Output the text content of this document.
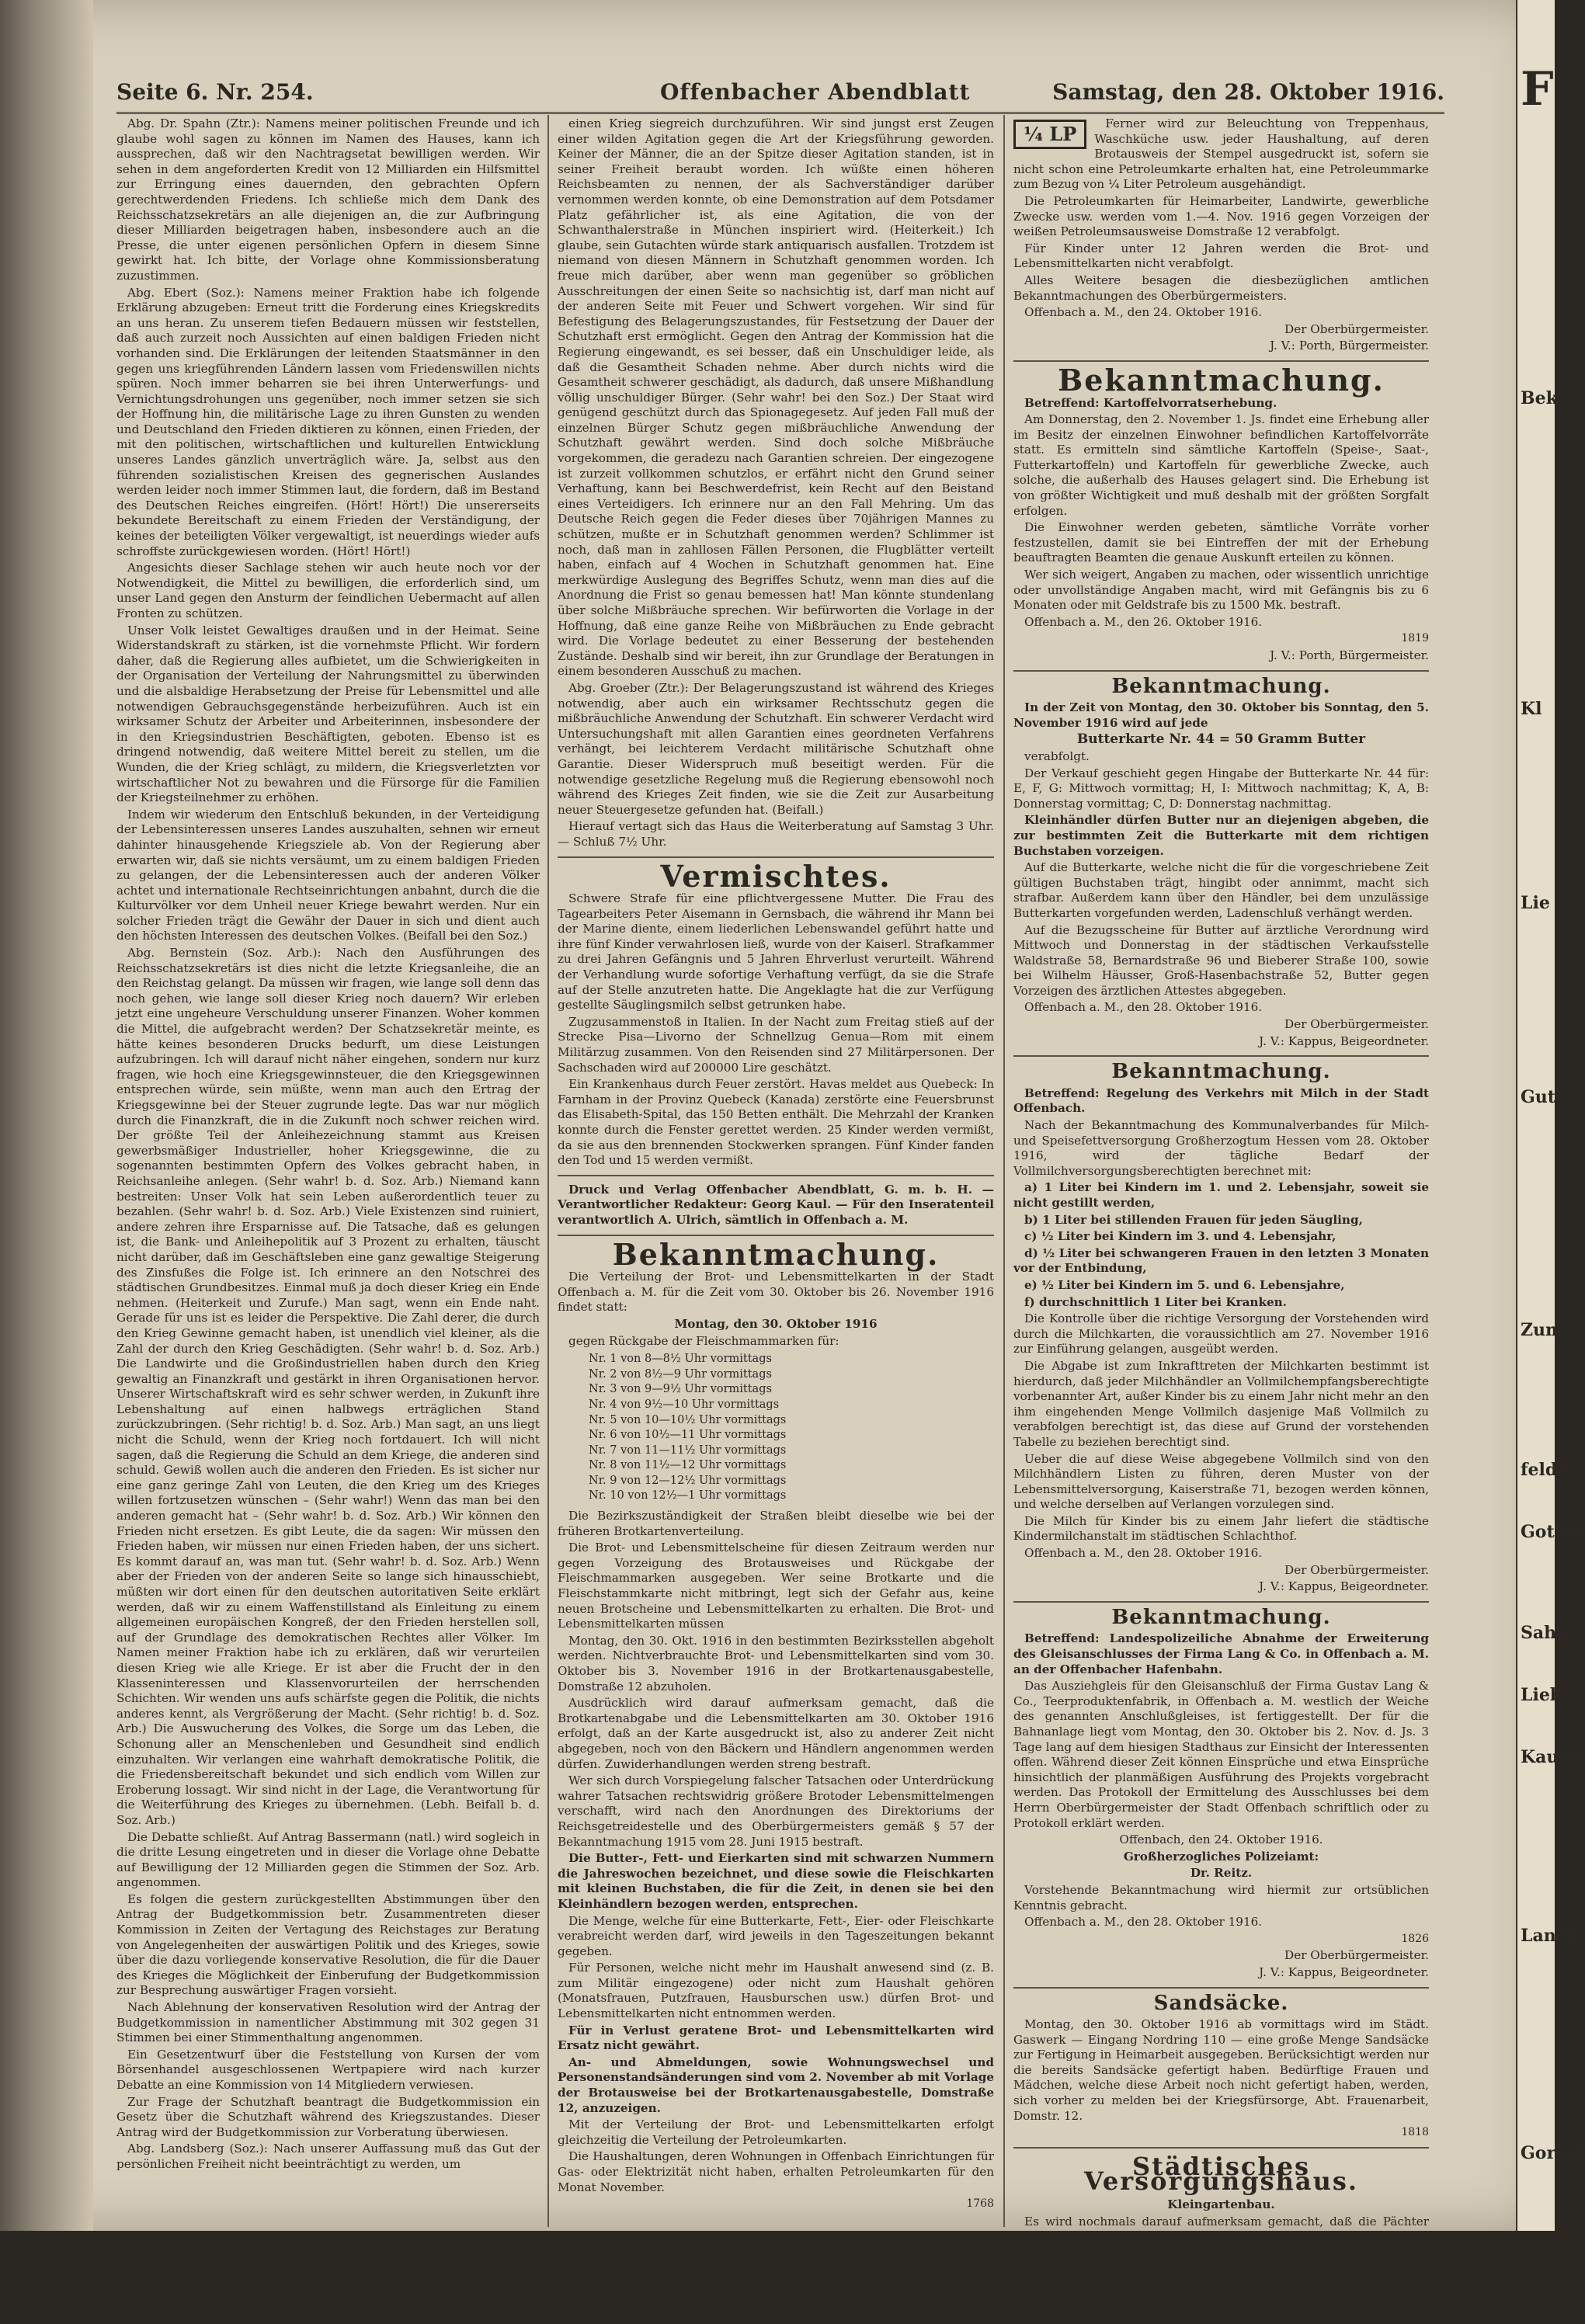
Seite 6. Nr. 254.	Offenbacher Abendblatt	Samstag, den 28. Oktober 1916.

Abg. Dr. Spahn (Ztr.): Namens meiner politischen Freunde und ich glaube wohl sagen zu können im Namen des Hauses, kann ich aussprechen, daß wir den Nachtragsetat bewilligen werden. Wir sehen in dem angeforderten Kredit von 12 Milliarden ein Hilfsmittel zur Erringung eines dauernden, den gebrachten Opfern gerechtwerdenden Friedens. Ich schließe mich dem Dank des Reichsschatzsekretärs an alle diejenigen an, die zur Aufbringung dieser Milliarden beigetragen haben, insbesondere auch an die Presse, die unter eigenen persönlichen Opfern in diesem Sinne gewirkt hat. Ich bitte, der Vorlage ohne Kommissionsberatung zuzustimmen.

Abg. Ebert (Soz.): Namens meiner Fraktion habe ich folgende Erklärung abzugeben: Erneut tritt die Forderung eines Kriegskredits an uns heran. Zu unserem tiefen Bedauern müssen wir feststellen, daß auch zurzeit noch Aussichten auf einen baldigen Frieden nicht vorhanden sind. Die Erklärungen der leitenden Staatsmänner in den gegen uns kriegführenden Ländern lassen vom Friedenswillen nichts spüren. Noch immer beharren sie bei ihren Unterwerfungs- und Vernichtungsdrohungen uns gegenüber, noch immer setzen sie sich der Hoffnung hin, die militärische Lage zu ihren Gunsten zu wenden und Deutschland den Frieden diktieren zu können, einen Frieden, der mit den politischen, wirtschaftlichen und kulturellen Entwicklung unseres Landes gänzlich unverträglich wäre. Ja, selbst aus den führenden sozialistischen Kreisen des gegnerischen Auslandes werden leider noch immer Stimmen laut, die fordern, daß im Bestand des Deutschen Reiches eingreifen. (Hört! Hört!) Die unsererseits bekundete Bereitschaft zu einem Frieden der Verständigung, der keines der beteiligten Völker vergewaltigt, ist neuerdings wieder aufs schroffste zurückgewiesen worden. (Hört! Hört!)

Angesichts dieser Sachlage stehen wir auch heute noch vor der Notwendigkeit, die Mittel zu bewilligen, die erforderlich sind, um unser Land gegen den Ansturm der feindlichen Uebermacht auf allen Fronten zu schützen.

Unser Volk leistet Gewaltiges draußen und in der Heimat. Seine Widerstandskraft zu stärken, ist die vornehmste Pflicht. Wir fordern daher, daß die Regierung alles aufbietet, um die Schwierigkeiten in der Organisation der Verteilung der Nahrungsmittel zu überwinden und die alsbaldige Herabsetzung der Preise für Lebensmittel und alle notwendigen Gebrauchsgegenstände herbeizuführen. Auch ist ein wirksamer Schutz der Arbeiter und Arbeiterinnen, insbesondere der in den Kriegsindustrien Beschäftigten, geboten. Ebenso ist es dringend notwendig, daß weitere Mittel bereit zu stellen, um die Wunden, die der Krieg schlägt, zu mildern, die Kriegsverletzten vor wirtschaftlicher Not zu bewahren und die Fürsorge für die Familien der Kriegsteilnehmer zu erhöhen.

Indem wir wiederum den Entschluß bekunden, in der Verteidigung der Lebensinteressen unseres Landes auszuhalten, sehnen wir erneut dahinter hinausgehende Kriegsziele ab. Von der Regierung aber erwarten wir, daß sie nichts versäumt, um zu einem baldigen Frieden zu gelangen, der die Lebensinteressen auch der anderen Völker achtet und internationale Rechtseinrichtungen anbahnt, durch die die Kulturvölker vor dem Unheil neuer Kriege bewahrt werden. Nur ein solcher Frieden trägt die Gewähr der Dauer in sich und dient auch den höchsten Interessen des deutschen Volkes. (Beifall bei den Soz.)

Abg. Bernstein (Soz. Arb.): Nach den Ausführungen des Reichsschatzsekretärs ist dies nicht die letzte Kriegsanleihe, die an den Reichstag gelangt. Da müssen wir fragen, wie lange soll denn das noch gehen, wie lange soll dieser Krieg noch dauern? Wir erleben jetzt eine ungeheure Verschuldung unserer Finanzen. Woher kommen die Mittel, die aufgebracht werden? Der Schatzsekretär meinte, es hätte keines besonderen Drucks bedurft, um diese Leistungen aufzubringen. Ich will darauf nicht näher eingehen, sondern nur kurz fragen, wie hoch eine Kriegsgewinnsteuer, die den Kriegsgewinnen entsprechen würde, sein müßte, wenn man auch den Ertrag der Kriegsgewinne bei der Steuer zugrunde legte. Das war nur möglich durch die Finanzkraft, die in die Zukunft noch schwer reichen wird. Der größte Teil der Anleihezeichnung stammt aus Kreisen gewerbsmäßiger Industrieller, hoher Kriegsgewinne, die zu sogenannten bestimmten Opfern des Volkes gebracht haben, in Reichsanleihe anlegen. (Sehr wahr! b. d. Soz. Arb.) Niemand kann bestreiten: Unser Volk hat sein Leben außerordentlich teuer zu bezahlen. (Sehr wahr! b. d. Soz. Arb.) Viele Existenzen sind ruiniert, andere zehren ihre Ersparnisse auf. Die Tatsache, daß es gelungen ist, die Bank- und Anleihepolitik auf 3 Prozent zu erhalten, täuscht nicht darüber, daß im Geschäftsleben eine ganz gewaltige Steigerung des Zinsfußes die Folge ist. Ich erinnere an den Notschrei des städtischen Grundbesitzes. Einmal muß ja doch dieser Krieg ein Ende nehmen. (Heiterkeit und Zurufe.) Man sagt, wenn ein Ende naht. Gerade für uns ist es leider die Perspektive. Die Zahl derer, die durch den Krieg Gewinne gemacht haben, ist unendlich viel kleiner, als die Zahl der durch den Krieg Geschädigten. (Sehr wahr! b. d. Soz. Arb.) Die Landwirte und die Großindustriellen haben durch den Krieg gewaltig an Finanzkraft und gestärkt in ihren Organisationen hervor. Unserer Wirtschaftskraft wird es sehr schwer werden, in Zukunft ihre Lebenshaltung auf einen halbwegs erträglichen Stand zurückzubringen. (Sehr richtig! b. d. Soz. Arb.) Man sagt, an uns liegt nicht die Schuld, wenn der Krieg noch fortdauert. Ich will nicht sagen, daß die Regierung die Schuld an dem Kriege, die anderen sind schuld. Gewiß wollen auch die anderen den Frieden. Es ist sicher nur eine ganz geringe Zahl von Leuten, die den Krieg um des Krieges willen fortzusetzen wünschen – (Sehr wahr!) Wenn das man bei den anderen gemacht hat – (Sehr wahr! b. d. Soz. Arb.) Wir können den Frieden nicht ersetzen. Es gibt Leute, die da sagen: Wir müssen den Frieden haben, wir müssen nur einen Frieden haben, der uns sichert. Es kommt darauf an, was man tut. (Sehr wahr! b. d. Soz. Arb.) Wenn aber der Frieden von der anderen Seite so lange sich hinausschiebt, müßten wir dort einen für den deutschen autoritativen Seite erklärt werden, daß wir zu einem Waffenstillstand als Einleitung zu einem allgemeinen europäischen Kongreß, der den Frieden herstellen soll, auf der Grundlage des demokratischen Rechtes aller Völker. Im Namen meiner Fraktion habe ich zu erklären, daß wir verurteilen diesen Krieg wie alle Kriege. Er ist aber die Frucht der in den Klasseninteressen und Klassenvorurteilen der herrschenden Schichten. Wir wenden uns aufs schärfste gegen die Politik, die nichts anderes kennt, als Vergrößerung der Macht. (Sehr richtig! b. d. Soz. Arb.) Die Auswucherung des Volkes, die Sorge um das Leben, die Schonung aller an Menschenleben und Gesundheit sind endlich einzuhalten. Wir verlangen eine wahrhaft demokratische Politik, die die Friedensbereitschaft bekundet und sich endlich vom Willen zur Eroberung lossagt. Wir sind nicht in der Lage, die Verantwortung für die Weiterführung des Krieges zu übernehmen. (Lebh. Beifall b. d. Soz. Arb.)

Die Debatte schließt. Auf Antrag Bassermann (natl.) wird sogleich in die dritte Lesung eingetreten und in dieser die Vorlage ohne Debatte auf Bewilligung der 12 Milliarden gegen die Stimmen der Soz. Arb. angenommen.

Es folgen die gestern zurückgestellten Abstimmungen über den Antrag der Budgetkommission betr. Zusammentreten dieser Kommission in Zeiten der Vertagung des Reichstages zur Beratung von Angelegenheiten der auswärtigen Politik und des Krieges, sowie über die dazu vorliegende konservative Resolution, die für die Dauer des Krieges die Möglichkeit der Einberufung der Budgetkommission zur Besprechung auswärtiger Fragen vorsieht.

Nach Ablehnung der konservativen Resolution wird der Antrag der Budgetkommission in namentlicher Abstimmung mit 302 gegen 31 Stimmen bei einer Stimmenthaltung angenommen.

Ein Gesetzentwurf über die Feststellung von Kursen der vom Börsenhandel ausgeschlossenen Wertpapiere wird nach kurzer Debatte an eine Kommission von 14 Mitgliedern verwiesen.

Zur Frage der Schutzhaft beantragt die Budgetkommission ein Gesetz über die Schutzhaft während des Kriegszustandes. Dieser Antrag wird der Budgetkommission zur Vorberatung überwiesen.

Abg. Landsberg (Soz.): Nach unserer Auffassung muß das Gut der persönlichen Freiheit nicht beeinträchtigt zu werden, um

einen Krieg siegreich durchzuführen. Wir sind jungst erst Zeugen einer wilden Agitation gegen die Art der Kriegsführung geworden. Keiner der Männer, die an der Spitze dieser Agitation standen, ist in seiner Freiheit beraubt worden. Ich wüßte einen höheren Reichsbeamten zu nennen, der als Sachverständiger darüber vernommen werden konnte, ob eine Demonstration auf dem Potsdamer Platz gefährlicher ist, als eine Agitation, die von der Schwanthalerstraße in München inspiriert wird. (Heiterkeit.) Ich glaube, sein Gutachten würde stark antiquarisch ausfallen. Trotzdem ist niemand von diesen Männern in Schutzhaft genommen worden. Ich freue mich darüber, aber wenn man gegenüber so gröblichen Ausschreitungen der einen Seite so nachsichtig ist, darf man nicht auf der anderen Seite mit Feuer und Schwert vorgehen. Wir sind für Befestigung des Belagerungszustandes, für Festsetzung der Dauer der Schutzhaft erst ermöglicht. Gegen den Antrag der Kommission hat die Regierung eingewandt, es sei besser, daß ein Unschuldiger leide, als daß die Gesamtheit Schaden nehme. Aber durch nichts wird die Gesamtheit schwerer geschädigt, als dadurch, daß unsere Mißhandlung völlig unschuldiger Bürger. (Sehr wahr! bei den Soz.) Der Staat wird genügend geschützt durch das Spionagegesetz. Auf jeden Fall muß der einzelnen Bürger Schutz gegen mißbräuchliche Anwendung der Schutzhaft gewährt werden. Sind doch solche Mißbräuche vorgekommen, die geradezu nach Garantien schreien. Der eingezogene ist zurzeit vollkommen schutzlos, er erfährt nicht den Grund seiner Verhaftung, kann bei Beschwerdefrist, kein Recht auf den Beistand eines Verteidigers. Ich erinnere nur an den Fall Mehring. Um das Deutsche Reich gegen die Feder dieses über 70jährigen Mannes zu schützen, mußte er in Schutzhaft genommen werden? Schlimmer ist noch, daß man in zahllosen Fällen Personen, die Flugblätter verteilt haben, einfach auf 4 Wochen in Schutzhaft genommen hat. Eine merkwürdige Auslegung des Begriffes Schutz, wenn man dies auf die Anordnung die Frist so genau bemessen hat! Man könnte stundenlang über solche Mißbräuche sprechen. Wir befürworten die Vorlage in der Hoffnung, daß eine ganze Reihe von Mißbräuchen zu Ende gebracht wird. Die Vorlage bedeutet zu einer Besserung der bestehenden Zustände. Deshalb sind wir bereit, ihn zur Grundlage der Beratungen in einem besonderen Ausschuß zu machen.

Abg. Groeber (Ztr.): Der Belagerungszustand ist während des Krieges notwendig, aber auch ein wirksamer Rechtsschutz gegen die mißbräuchliche Anwendung der Schutzhaft. Ein schwerer Verdacht wird Untersuchungshaft mit allen Garantien eines geordneten Verfahrens verhängt, bei leichterem Verdacht militärische Schutzhaft ohne Garantie. Dieser Widerspruch muß beseitigt werden. Für die notwendige gesetzliche Regelung muß die Regierung ebensowohl noch während des Krieges Zeit finden, wie sie die Zeit zur Ausarbeitung neuer Steuergesetze gefunden hat. (Beifall.)

Hierauf vertagt sich das Haus die Weiterberatung auf Samstag 3 Uhr. — Schluß 7½ Uhr.

Vermischtes.

Schwere Strafe für eine pflichtvergessene Mutter. Die Frau des Tagearbeiters Peter Aisemann in Gernsbach, die während ihr Mann bei der Marine diente, einem liederlichen Lebenswandel geführt hatte und ihre fünf Kinder verwahrlosen ließ, wurde von der Kaiserl. Strafkammer zu drei Jahren Gefängnis und 5 Jahren Ehrverlust verurteilt. Während der Verhandlung wurde sofortige Verhaftung verfügt, da sie die Strafe auf der Stelle anzutreten hatte. Die Angeklagte hat die zur Verfügung gestellte Säuglingsmilch selbst getrunken habe.

Zugzusammenstoß in Italien. In der Nacht zum Freitag stieß auf der Strecke Pisa—Livorno der Schnellzug Genua—Rom mit einem Militärzug zusammen. Von den Reisenden sind 27 Militärpersonen. Der Sachschaden wird auf 200000 Lire geschätzt.

Ein Krankenhaus durch Feuer zerstört. Havas meldet aus Quebeck: In Farnham in der Provinz Quebeck (Kanada) zerstörte eine Feuersbrunst das Elisabeth-Spital, das 150 Betten enthält. Die Mehrzahl der Kranken konnte durch die Fenster gerettet werden. 25 Kinder werden vermißt, da sie aus den brennenden Stockwerken sprangen. Fünf Kinder fanden den Tod und 15 werden vermißt.

Druck und Verlag Offenbacher Abendblatt, G. m. b. H. — Verantwortlicher Redakteur: Georg Kaul. — Für den Inseratenteil verantwortlich A. Ulrich, sämtlich in Offenbach a. M.

Bekanntmachung.

Die Verteilung der Brot- und Lebensmittelkarten in der Stadt Offenbach a. M. für die Zeit vom 30. Oktober bis 26. November 1916 findet statt:

Montag, den 30. Oktober 1916

gegen Rückgabe der Fleischmammarken für:

Nr. 1 von 8—8½ Uhr vormittags
Nr. 2 von 8½—9 Uhr vormittags
Nr. 3 von 9—9½ Uhr vormittags
Nr. 4 von 9½—10 Uhr vormittags
Nr. 5 von 10—10½ Uhr vormittags
Nr. 6 von 10½—11 Uhr vormittags
Nr. 7 von 11—11½ Uhr vormittags
Nr. 8 von 11½—12 Uhr vormittags
Nr. 9 von 12—12½ Uhr vormittags
Nr. 10 von 12½—1 Uhr vormittags

Die Bezirkszuständigkeit der Straßen bleibt dieselbe wie bei der früheren Brotkartenverteilung.

Die Brot- und Lebensmittelscheine für diesen Zeitraum werden nur gegen Vorzeigung des Brotausweises und Rückgabe der Fleischmammarken ausgegeben. Wer seine Brotkarte und die Fleischstammkarte nicht mitbringt, legt sich der Gefahr aus, keine neuen Brotscheine und Lebensmittelkarten zu erhalten. Die Brot- und Lebensmittelkarten müssen

Montag, den 30. Okt. 1916 in den bestimmten Bezirksstellen abgeholt werden. Nichtverbrauchte Brot- und Lebensmittelkarten sind vom 30. Oktober bis 3. November 1916 in der Brotkartenausgabestelle, Domstraße 12 abzuholen.

Ausdrücklich wird darauf aufmerksam gemacht, daß die Brotkartenabgabe und die Lebensmittelkarten am 30. Oktober 1916 erfolgt, daß an der Karte ausgedruckt ist, also zu anderer Zeit nicht abgegeben, noch von den Bäckern und Händlern angenommen werden dürfen. Zuwiderhandlungen werden streng bestraft.

Wer sich durch Vorspiegelung falscher Tatsachen oder Unterdrückung wahrer Tatsachen rechtswidrig größere Brotoder Lebensmittelmengen verschafft, wird nach den Anordnungen des Direktoriums der Reichsgetreidestelle und des Oberbürgermeisters gemäß § 57 der Bekanntmachung 1915 vom 28. Juni 1915 bestraft.

Die Butter-, Fett- und Eierkarten sind mit schwarzen Nummern die Jahreswochen bezeichnet, und diese sowie die Fleischkarten mit kleinen Buchstaben, die für die Zeit, in denen sie bei den Kleinhändlern bezogen werden, entsprechen.

Die Menge, welche für eine Butterkarte, Fett-, Eier- oder Fleischkarte verabreicht werden darf, wird jeweils in den Tageszeitungen bekannt gegeben.

Für Personen, welche nicht mehr im Haushalt anwesend sind (z. B. zum Militär eingezogene) oder nicht zum Haushalt gehören (Monatsfrauen, Putzfrauen, Hausburschen usw.) dürfen Brot- und Lebensmittelkarten nicht entnommen werden.

Für in Verlust geratene Brot- und Lebensmittelkarten wird Ersatz nicht gewährt.

An- und Abmeldungen, sowie Wohnungswechsel und Personenstandsänderungen sind vom 2. November ab mit Vorlage der Brotausweise bei der Brotkartenausgabestelle, Domstraße 12, anzuzeigen.

Mit der Verteilung der Brot- und Lebensmittelkarten erfolgt gleichzeitig die Verteilung der Petroleumkarten.

Die Haushaltungen, deren Wohnungen in Offenbach Einrichtungen für Gas- oder Elektrizität nicht haben, erhalten Petroleumkarten für den Monat November.

1768

¼ LP	Ferner wird zur Beleuchtung von Treppenhaus, Waschküche usw. jeder Haushaltung, auf deren Brotausweis der Stempel ausgedruckt ist, sofern sie nicht schon eine Petroleumkarte erhalten hat, eine Petroleummarke zum Bezug von ¼ Liter Petroleum ausgehändigt.

Die Petroleumkarten für Heimarbeiter, Landwirte, gewerbliche Zwecke usw. werden vom 1.—4. Nov. 1916 gegen Vorzeigen der weißen Petroleumsausweise Domstraße 12 verabfolgt.

Für Kinder unter 12 Jahren werden die Brot- und Lebensmittelkarten nicht verabfolgt.

Alles Weitere besagen die diesbezüglichen amtlichen Bekanntmachungen des Oberbürgermeisters.

Offenbach a. M., den 24. Oktober 1916.

Der Oberbürgermeister.

J. V.: Porth, Bürgermeister.

Bekanntmachung.

Betreffend: Kartoffelvorratserhebung.

Am Donnerstag, den 2. November 1. Js. findet eine Erhebung aller im Besitz der einzelnen Einwohner befindlichen Kartoffelvorräte statt. Es ermitteln sind sämtliche Kartoffeln (Speise-, Saat-, Futterkartoffeln) und Kartoffeln für gewerbliche Zwecke, auch solche, die außerhalb des Hauses gelagert sind. Die Erhebung ist von größter Wichtigkeit und muß deshalb mit der größten Sorgfalt erfolgen.

Die Einwohner werden gebeten, sämtliche Vorräte vorher festzustellen, damit sie bei Eintreffen der mit der Erhebung beauftragten Beamten die genaue Auskunft erteilen zu können.

Wer sich weigert, Angaben zu machen, oder wissentlich unrichtige oder unvollständige Angaben macht, wird mit Gefängnis bis zu 6 Monaten oder mit Geldstrafe bis zu 1500 Mk. bestraft.

Offenbach a. M., den 26. Oktober 1916.

1819

J. V.: Porth, Bürgermeister.

Bekanntmachung.

In der Zeit von Montag, den 30. Oktober bis Sonntag, den 5. November 1916 wird auf jede

Butterkarte Nr. 44 = 50 Gramm Butter

verabfolgt.

Der Verkauf geschieht gegen Hingabe der Butterkarte Nr. 44 für: E, F, G: Mittwoch vormittag; H, I: Mittwoch nachmittag; K, A, B: Donnerstag vormittag; C, D: Donnerstag nachmittag.

Kleinhändler dürfen Butter nur an diejenigen abgeben, die zur bestimmten Zeit die Butterkarte mit dem richtigen Buchstaben vorzeigen.

Auf die Butterkarte, welche nicht die für die vorgeschriebene Zeit gültigen Buchstaben trägt, hingibt oder annimmt, macht sich strafbar. Außerdem kann über den Händler, bei dem unzulässige Butterkarten vorgefunden werden, Ladenschluß verhängt werden.

Auf die Bezugsscheine für Butter auf ärztliche Verordnung wird Mittwoch und Donnerstag in der städtischen Verkaufsstelle Waldstraße 58, Bernardstraße 96 und Bieberer Straße 100, sowie bei Wilhelm Häusser, Groß-Hasenbachstraße 52, Butter gegen Vorzeigen des ärztlichen Attestes abgegeben.

Offenbach a. M., den 28. Oktober 1916.

Der Oberbürgermeister.

J. V.: Kappus, Beigeordneter.

Bekanntmachung.

Betreffend: Regelung des Verkehrs mit Milch in der Stadt Offenbach.

Nach der Bekanntmachung des Kommunalverbandes für Milch- und Speisefettversorgung Großherzogtum Hessen vom 28. Oktober 1916, wird der tägliche Bedarf der Vollmilchversorgungsberechtigten berechnet mit:

a) 1 Liter bei Kindern im 1. und 2. Lebensjahr, soweit sie nicht gestillt werden,

b) 1 Liter bei stillenden Frauen für jeden Säugling,

c) ½ Liter bei Kindern im 3. und 4. Lebensjahr,

d) ½ Liter bei schwangeren Frauen in den letzten 3 Monaten vor der Entbindung,

e) ½ Liter bei Kindern im 5. und 6. Lebensjahre,

f) durchschnittlich 1 Liter bei Kranken.

Die Kontrolle über die richtige Versorgung der Vorstehenden wird durch die Milchkarten, die voraussichtlich am 27. November 1916 zur Einführung gelangen, ausgeübt werden.

Die Abgabe ist zum Inkrafttreten der Milchkarten bestimmt ist hierdurch, daß jeder Milchhändler an Vollmilchempfangsberechtigte vorbenannter Art, außer Kinder bis zu einem Jahr nicht mehr an den ihm eingehenden Menge Vollmilch dasjenige Maß Vollmilch zu verabfolgen berechtigt ist, das diese auf Grund der vorstehenden Tabelle zu beziehen berechtigt sind.

Ueber die auf diese Weise abgegebene Vollmilch sind von den Milchhändlern Listen zu führen, deren Muster von der Lebensmittelversorgung, Kaiserstraße 71, bezogen werden können, und welche derselben auf Verlangen vorzulegen sind.

Die Milch für Kinder bis zu einem Jahr liefert die städtische Kindermilchanstalt im städtischen Schlachthof.

Offenbach a. M., den 28. Oktober 1916.

Der Oberbürgermeister.

J. V.: Kappus, Beigeordneter.

Bekanntmachung.

Betreffend: Landespolizeiliche Abnahme der Erweiterung des Gleisanschlusses der Firma Lang & Co. in Offenbach a. M. an der Offenbacher Hafenbahn.

Das Ausziehgleis für den Gleisanschluß der Firma Gustav Lang & Co., Teerproduktenfabrik, in Offenbach a. M. westlich der Weiche des genannten Anschlußgleises, ist fertiggestellt. Der für die Bahnanlage liegt vom Montag, den 30. Oktober bis 2. Nov. d. Js. 3 Tage lang auf dem hiesigen Stadthaus zur Einsicht der Interessenten offen. Während dieser Zeit können Einsprüche und etwa Einsprüche hinsichtlich der planmäßigen Ausführung des Projekts vorgebracht werden. Das Protokoll der Ermittelung des Ausschlusses bei dem Herrn Oberbürgermeister der Stadt Offenbach schriftlich oder zu Protokoll erklärt werden.

Offenbach, den 24. Oktober 1916.

Großherzogliches Polizeiamt:

Dr. Reitz.

Vorstehende Bekanntmachung wird hiermit zur ortsüblichen Kenntnis gebracht.

Offenbach a. M., den 28. Oktober 1916.

1826

Der Oberbürgermeister.

J. V.: Kappus, Beigeordneter.

Sandsäcke.

Montag, den 30. Oktober 1916 ab vormittags wird im Städt. Gaswerk — Eingang Nordring 110 — eine große Menge Sandsäcke zur Fertigung in Heimarbeit ausgegeben. Berücksichtigt werden nur die bereits Sandsäcke gefertigt haben. Bedürftige Frauen und Mädchen, welche diese Arbeit noch nicht gefertigt haben, werden, sich vorher zu melden bei der Kriegsfürsorge, Abt. Frauenarbeit, Domstr. 12.

1818

Städtisches Versorgungshaus.

Kleingartenbau.

Es wird nochmals darauf aufmerksam gemacht, daß die Pächter von 1916, falls sie bis 1. November das rückständige Pachtgeld nicht bezahlt und erklärt haben, daß sie das seitherige Grundstück auch für 1917 bewirtschaften zu wollen, bei der Neuvergebung nicht berücksichtigt werden können.

Offenbach a. M., den 28. Oktober 1916.

1827

F
Bek
Kl
Lie
Gut
Zum
feldfr.
Gothel
Sahte
Lieber
Kaufm
Landf
Gorbel
